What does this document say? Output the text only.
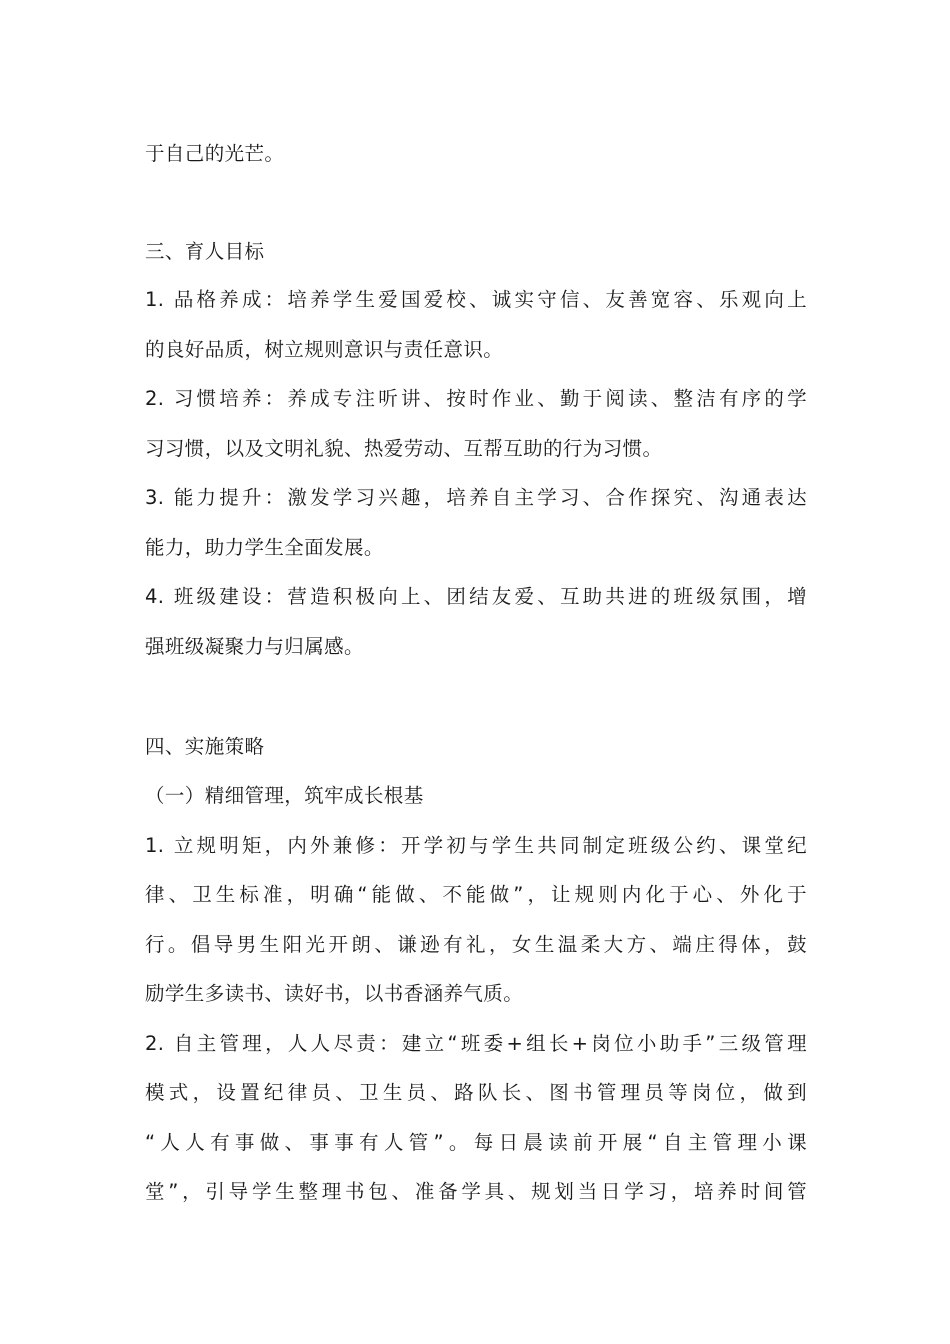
于自己的光芒。
三、育人目标
1. 品格养成：培养学生爱国爱校、诚实守信、友善宽容、乐观向上
的良好品质，树立规则意识与责任意识。
2. 习惯培养：养成专注听讲、按时作业、勤于阅读、整洁有序的学
习习惯，以及文明礼貌、热爱劳动、互帮互助的行为习惯。
3. 能力提升：激发学习兴趣，培养自主学习、合作探究、沟通表达
能力，助力学生全面发展。
4. 班级建设：营造积极向上、团结友爱、互助共进的班级氛围，增
强班级凝聚力与归属感。
四、实施策略
（一）精细管理，筑牢成长根基
1. 立规明矩，内外兼修：开学初与学生共同制定班级公约、课堂纪
律、卫生标准，明确“能做、不能做”，让规则内化于心、外化于
行。倡导男生阳光开朗、谦逊有礼，女生温柔大方、端庄得体，鼓
励学生多读书、读好书，以书香涵养气质。
2. 自主管理，人人尽责：建立“班委+组长+岗位小助手”三级管理
模式，设置纪律员、卫生员、路队长、图书管理员等岗位，做到
“人人有事做、事事有人管”。每日晨读前开展“自主管理小课
堂”，引导学生整理书包、准备学具、规划当日学习，培养时间管
